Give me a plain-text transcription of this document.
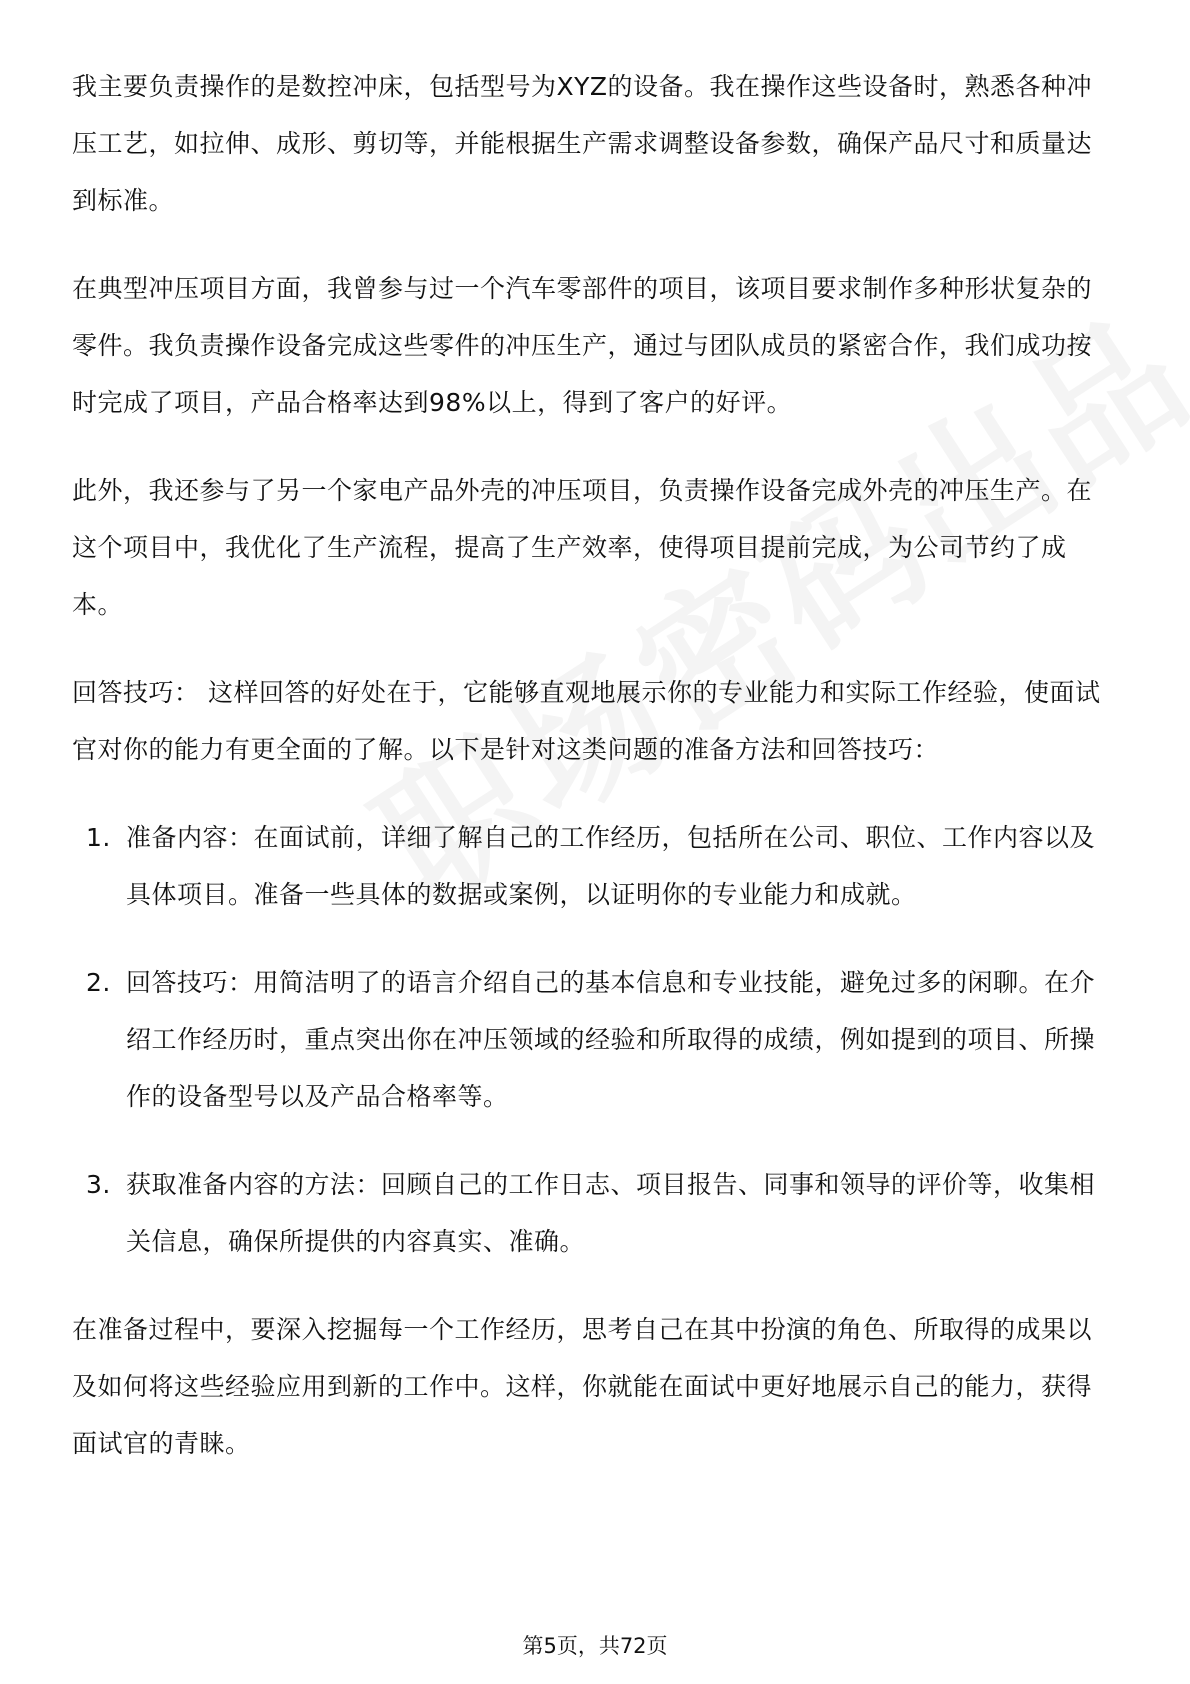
我主要负责操作的是数控冲床，包括型号为XYZ的设备。我在操作这些设备时，熟悉各种冲压工艺，如拉伸、成形、剪切等，并能根据生产需求调整设备参数，确保产品尺寸和质量达到标准。

在典型冲压项目方面，我曾参与过一个汽车零部件的项目，该项目要求制作多种形状复杂的零件。我负责操作设备完成这些零件的冲压生产，通过与团队成员的紧密合作，我们成功按时完成了项目，产品合格率达到98%以上，得到了客户的好评。

此外，我还参与了另一个家电产品外壳的冲压项目，负责操作设备完成外壳的冲压生产。在这个项目中，我优化了生产流程，提高了生产效率，使得项目提前完成，为公司节约了成本。

回答技巧： 这样回答的好处在于，它能够直观地展示你的专业能力和实际工作经验，使面试官对你的能力有更全面的了解。以下是针对这类问题的准备方法和回答技巧：

1. 准备内容：在面试前，详细了解自己的工作经历，包括所在公司、职位、工作内容以及具体项目。准备一些具体的数据或案例，以证明你的专业能力和成就。
2. 回答技巧：用简洁明了的语言介绍自己的基本信息和专业技能，避免过多的闲聊。在介绍工作经历时，重点突出你在冲压领域的经验和所取得的成绩，例如提到的项目、所操作的设备型号以及产品合格率等。
3. 获取准备内容的方法：回顾自己的工作日志、项目报告、同事和领导的评价等，收集相关信息，确保所提供的内容真实、准确。

在准备过程中，要深入挖掘每一个工作经历，思考自己在其中扮演的角色、所取得的成果以及如何将这些经验应用到新的工作中。这样，你就能在面试中更好地展示自己的能力，获得面试官的青睐。

第5页，共72页
